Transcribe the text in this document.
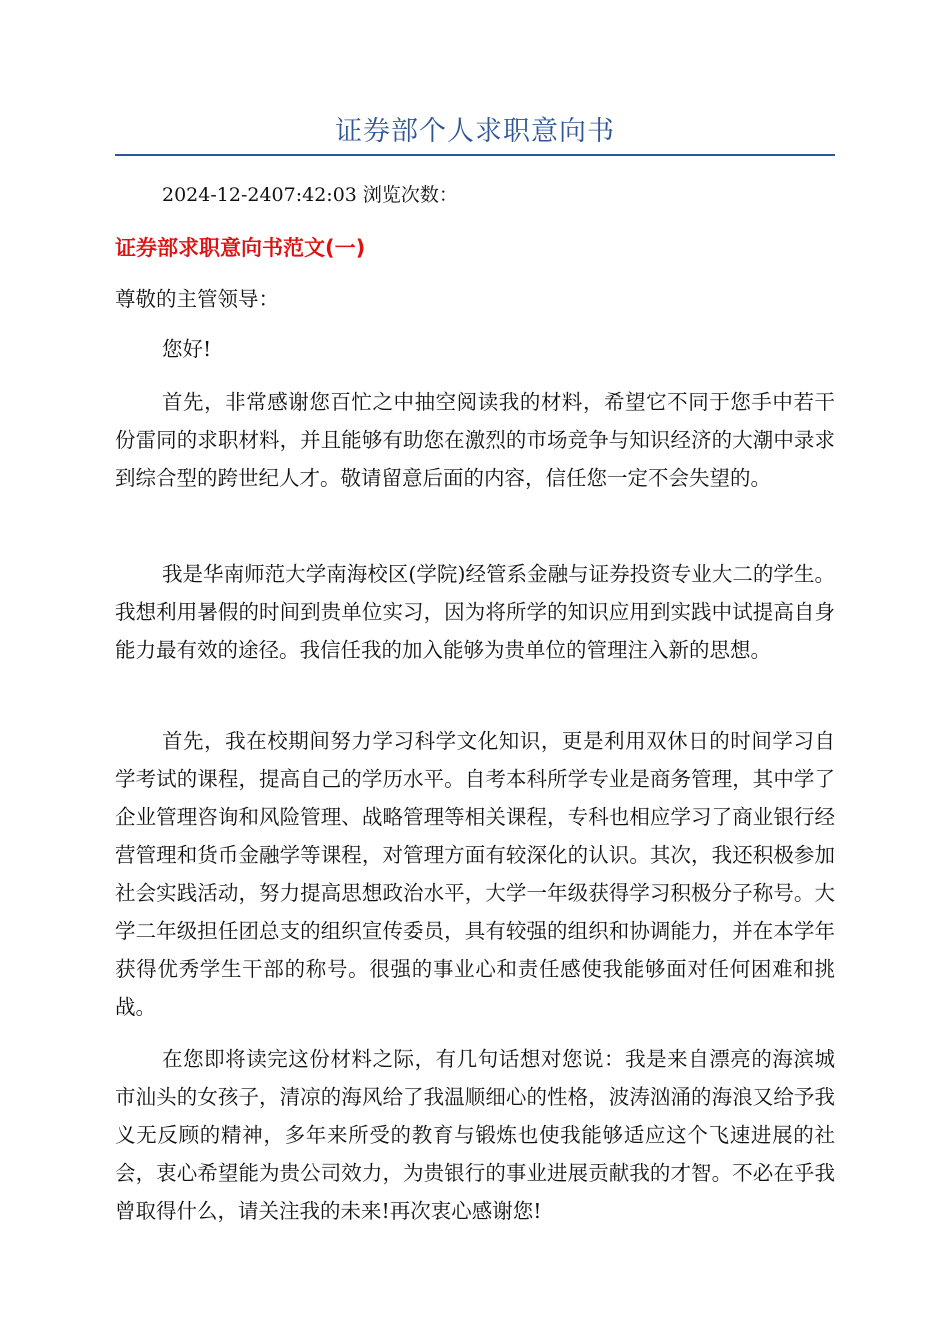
证券部个人求职意向书
2024-12-2407:42:03 浏览次数：
证券部求职意向书范文(一)

尊敬的主管领导：

您好!

首先，非常感谢您百忙之中抽空阅读我的材料，希望它不同于您手中若干份雷同的求职材料，并且能够有助您在激烈的市场竞争与知识经济的大潮中录求到综合型的跨世纪人才。敬请留意后面的内容，信任您一定不会失望的。

我是华南师范大学南海校区(学院)经管系金融与证券投资专业大二的学生。我想利用暑假的时间到贵单位实习，因为将所学的知识应用到实践中试提高自身能力最有效的途径。我信任我的加入能够为贵单位的管理注入新的思想。

首先，我在校期间努力学习科学文化知识，更是利用双休日的时间学习自学考试的课程，提高自己的学历水平。自考本科所学专业是商务管理，其中学了企业管理咨询和风险管理、战略管理等相关课程，专科也相应学习了商业银行经营管理和货币金融学等课程，对管理方面有较深化的认识。其次，我还积极参加社会实践活动，努力提高思想政治水平，大学一年级获得学习积极分子称号。大学二年级担任团总支的组织宣传委员，具有较强的组织和协调能力，并在本学年获得优秀学生干部的称号。很强的事业心和责任感使我能够面对任何困难和挑战。

在您即将读完这份材料之际，有几句话想对您说：我是来自漂亮的海滨城市汕头的女孩子，清凉的海风给了我温顺细心的性格，波涛汹涌的海浪又给予我义无反顾的精神，多年来所受的教育与锻炼也使我能够适应这个飞速进展的社会，衷心希望能为贵公司效力，为贵银行的事业进展贡献我的才智。不必在乎我曾取得什么，请关注我的未来!再次衷心感谢您!
